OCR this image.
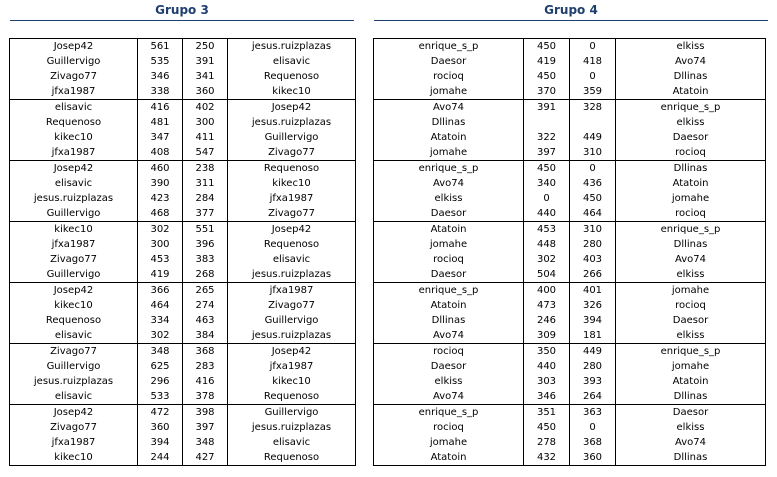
Grupo 3
Josep42	561	250	jesus.ruizplazas
Guillervigo	535	391	elisavic
Zivago77	346	341	Requenoso
jfxa1987	338	360	kikec10
elisavic	416	402	Josep42
Requenoso	481	300	jesus.ruizplazas
kikec10	347	411	Guillervigo
jfxa1987	408	547	Zivago77
Josep42	460	238	Requenoso
elisavic	390	311	kikec10
jesus.ruizplazas	423	284	jfxa1987
Guillervigo	468	377	Zivago77
kikec10	302	551	Josep42
jfxa1987	300	396	Requenoso
Zivago77	453	383	elisavic
Guillervigo	419	268	jesus.ruizplazas
Josep42	366	265	jfxa1987
kikec10	464	274	Zivago77
Requenoso	334	463	Guillervigo
elisavic	302	384	jesus.ruizplazas
Zivago77	348	368	Josep42
Guillervigo	625	283	jfxa1987
jesus.ruizplazas	296	416	kikec10
elisavic	533	378	Requenoso
Josep42	472	398	Guillervigo
Zivago77	360	397	jesus.ruizplazas
jfxa1987	394	348	elisavic
kikec10	244	427	Requenoso
Grupo 4
enrique_s_p	450	0	elkiss
Daesor	419	418	Avo74
rocioq	450	0	Dllinas
jomahe	370	359	Atatoin
Avo74	391	328	enrique_s_p
Dllinas			elkiss
Atatoin	322	449	Daesor
jomahe	397	310	rocioq
enrique_s_p	450	0	Dllinas
Avo74	340	436	Atatoin
elkiss	0	450	jomahe
Daesor	440	464	rocioq
Atatoin	453	310	enrique_s_p
jomahe	448	280	Dllinas
rocioq	302	403	Avo74
Daesor	504	266	elkiss
enrique_s_p	400	401	jomahe
Atatoin	473	326	rocioq
Dllinas	246	394	Daesor
Avo74	309	181	elkiss
rocioq	350	449	enrique_s_p
Daesor	440	280	jomahe
elkiss	303	393	Atatoin
Avo74	346	264	Dllinas
enrique_s_p	351	363	Daesor
rocioq	450	0	elkiss
jomahe	278	368	Avo74
Atatoin	432	360	Dllinas
